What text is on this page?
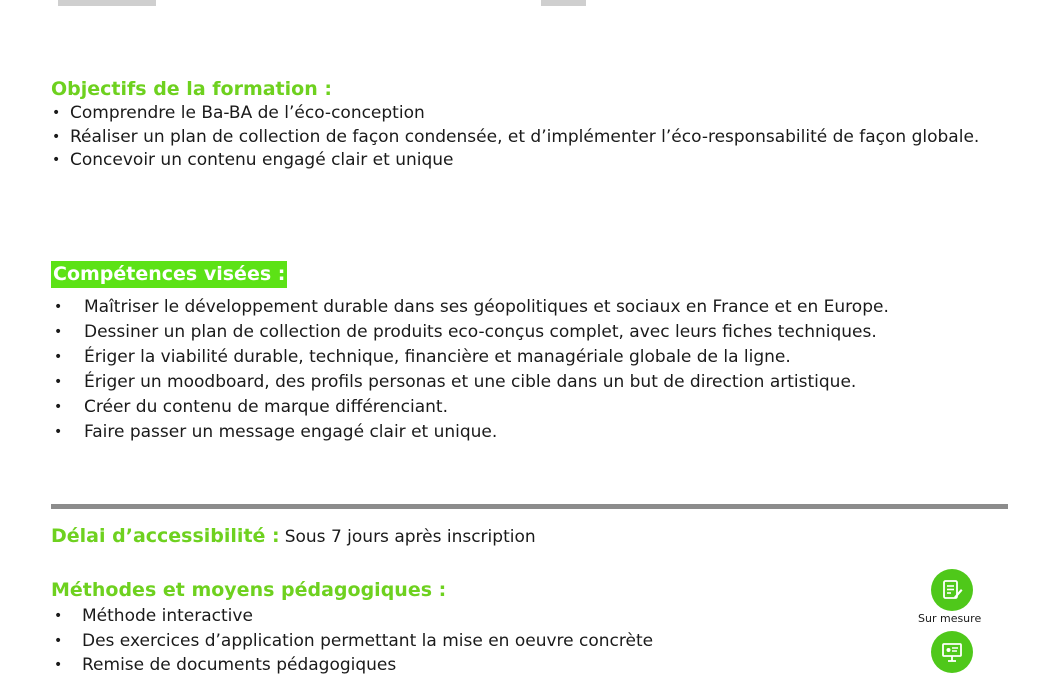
Objectifs de la formation :
• Comprendre le Ba-BA de l’éco-conception
• Réaliser un plan de collection de façon condensée, et d’implémenter l’éco-responsabilité de façon globale.
• Concevoir un contenu engagé clair et unique
Compétences visées :
• Maîtriser le développement durable dans ses géopolitiques et sociaux en France et en Europe.
• Dessiner un plan de collection de produits eco-conçus complet, avec leurs fiches techniques.
• Ériger la viabilité durable, technique, financière et managériale globale de la ligne.
• Ériger un moodboard, des profils personas et une cible dans un but de direction artistique.
• Créer du contenu de marque différenciant.
• Faire passer un message engagé clair et unique.
Délai d’accessibilité : Sous 7 jours après inscription
Méthodes et moyens pédagogiques :
• Méthode interactive
• Des exercices d’application permettant la mise en oeuvre concrète
• Remise de documents pédagogiques
Sur mesure
